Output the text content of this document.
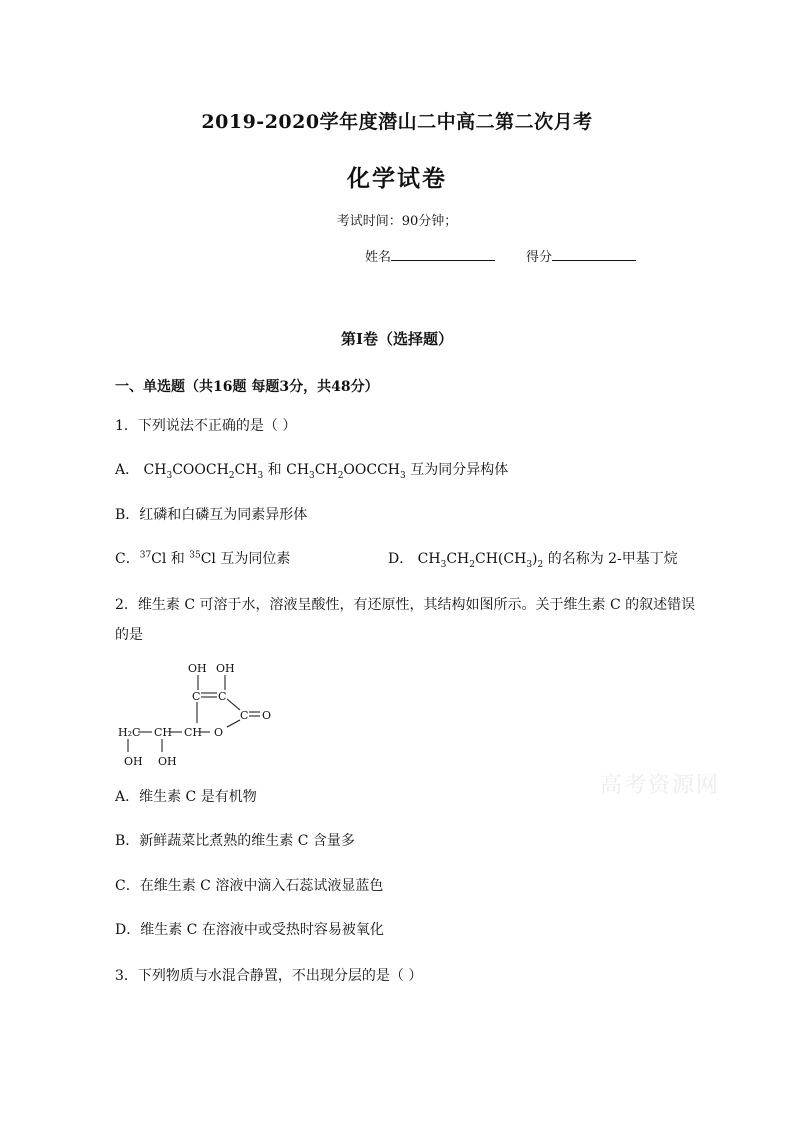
2019-2020学年度潜山二中高二第二次月考
化学试卷
考试时间：90分钟；
姓名	得分
第I卷（选择题）
一、单选题（共16题 每题3分，共48分）
1．下列说法不正确的是（ ）
A． $CH_3COOCH_2CH_3$ 和 $CH_3CH_2OOCCH_3$ 互为同分异构体
B．红磷和白磷互为同素异形体
C．$^{37}$Cl 和 $^{35}$Cl 互为同位素	D． $CH_3CH_2CH(CH_3)_2$ 的名称为 2-甲基丁烷
2．维生素 C 可溶于水，溶液呈酸性，有还原性，其结构如图所示。关于维生素 C 的叙述错误
的是
OH OH
C C
C O
H₂C CH CH O
OH OH
高考资源网
A．维生素 C 是有机物
B．新鲜蔬菜比煮熟的维生素 C 含量多
C．在维生素 C 溶液中滴入石蕊试液显蓝色
D．维生素 C 在溶液中或受热时容易被氧化
3．下列物质与水混合静置，不出现分层的是（ ）
